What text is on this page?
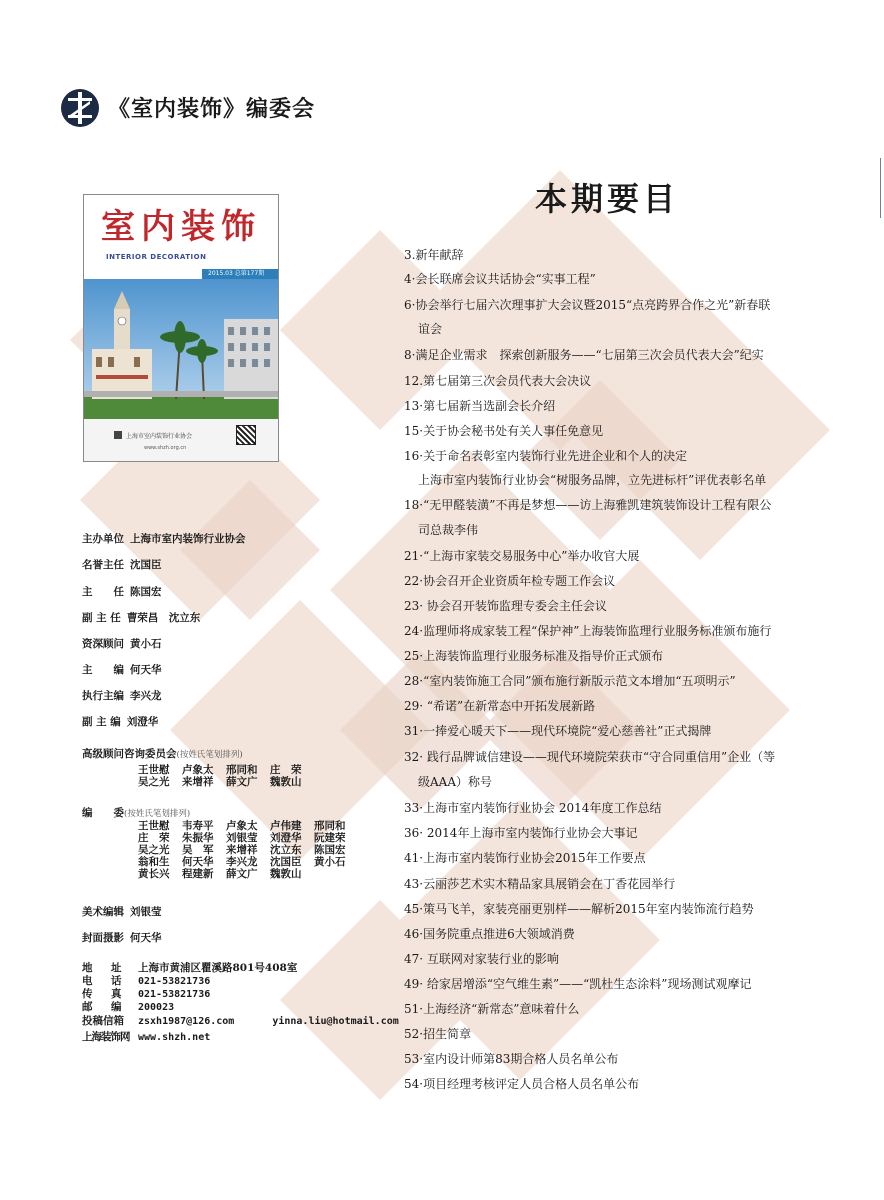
《室内装饰》编委会
本期要目
室内装饰
INTERIOR DECORATION
2015.03 总第177期
上海市室内装饰行业协会
www.shzh.org.cn
主办单位 上海市室内装饰行业协会
名誉主任 沈国臣
主　　任 陈国宏
副 主 任 曹荣昌　沈立东
资深顾问 黄小石
主　　编 何天华
执行主编 李兴龙
副 主 编 刘澄华
高级顾问咨询委员会(按姓氏笔划排列)
王世慰 卢象太 邢同和 庄　荣
吴之光 来增祥 薛文广 魏敦山
编　　委(按姓氏笔划排列)
王世慰 韦寿平 卢象太 卢伟建 邢同和
庄　荣 朱振华 刘银莹 刘澄华 阮建荣
吴之光 吴　军 来增祥 沈立东 陈国宏
翁和生 何天华 李兴龙 沈国臣 黄小石
黄长兴 程建新 薛文广 魏敦山
美术编辑 刘银莹
封面摄影 何天华
地　址 上海市黄浦区瞿溪路801号408室
电　话 021-53821736
传　真 021-53821736
邮　编 200023
投稿信箱 zsxh1987@126.com	yinna.liu@hotmail.com
上海装饰网 www.shzh.net
3.新年献辞
4·会长联席会议共话协会“实事工程”
6·协会举行七届六次理事扩大会议暨2015“点亮跨界合作之光”新春联
谊会
8·满足企业需求　探索创新服务——“七届第三次会员代表大会”纪实
12.第七届第三次会员代表大会决议
13·第七届新当选副会长介绍
15·关于协会秘书处有关人事任免意见
16·关于命名表彰室内装饰行业先进企业和个人的决定
上海市室内装饰行业协会“树服务品牌，立先进标杆”评优表彰名单
18·“无甲醛装潢”不再是梦想——访上海雅凯建筑装饰设计工程有限公
司总裁李伟
21·“上海市家装交易服务中心”举办收官大展
22·协会召开企业资质年检专题工作会议
23· 协会召开装饰监理专委会主任会议
24·监理师将成家装工程“保护神”上海装饰监理行业服务标准颁布施行
25·上海装饰监理行业服务标准及指导价正式颁布
28·“室内装饰施工合同”颁布施行新版示范文本增加“五项明示”
29· “希诺”在新常态中开拓发展新路
31·一捧爱心暖天下——现代环境院“爱心慈善社”正式揭牌
32· 践行品牌诚信建设——现代环境院荣获市“守合同重信用”企业（等
级AAA）称号
33·上海市室内装饰行业协会 2014年度工作总结
36· 2014年上海市室内装饰行业协会大事记
41·上海市室内装饰行业协会2015年工作要点
43·云丽莎艺术实木精品家具展销会在丁香花园举行
45·策马飞羊，家装亮丽更别样——解析2015年室内装饰流行趋势
46·国务院重点推进6大领域消费
47· 互联网对家装行业的影响
49· 给家居增添“空气维生素”——“凯杜生态涂料”现场测试观摩记
51·上海经济“新常态”意味着什么
52·招生简章
53·室内设计师第83期合格人员名单公布
54·项目经理考核评定人员合格人员名单公布
